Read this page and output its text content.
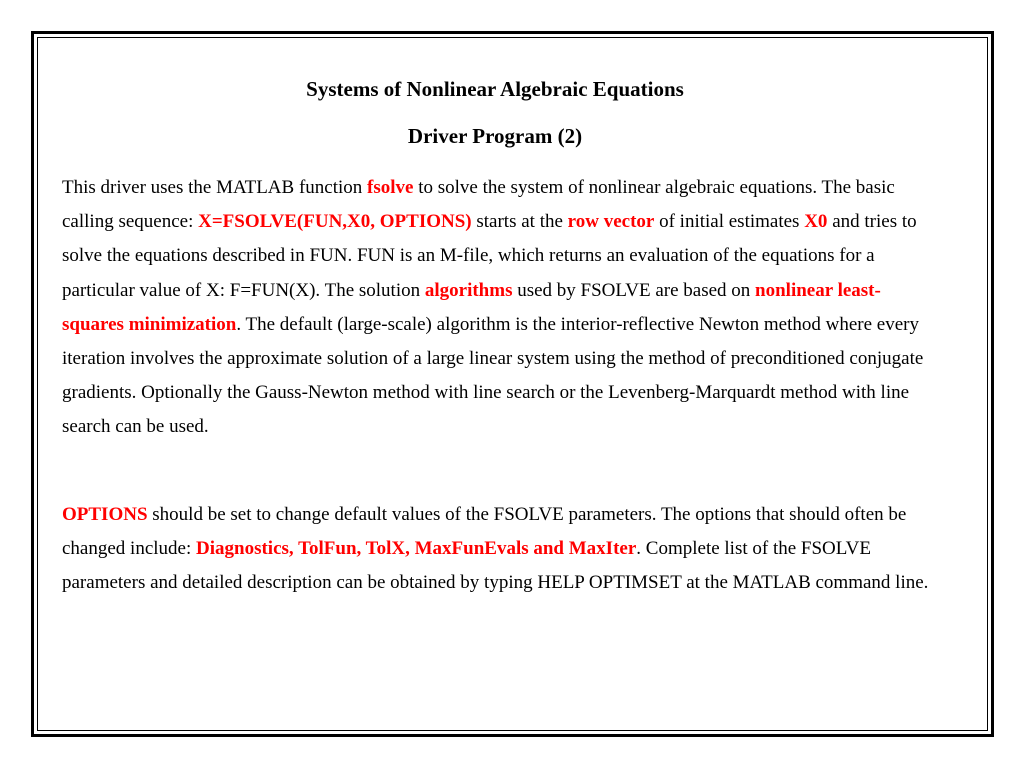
Systems of Nonlinear Algebraic Equations
Driver Program (2)

This driver uses the MATLAB function fsolve to solve the system of nonlinear algebraic equations. The basic calling sequence: X=FSOLVE(FUN,X0, OPTIONS) starts at the row vector of initial estimates X0 and tries to solve the equations described in FUN. FUN is an M-file, which returns an evaluation of the equations for a particular value of X: F=FUN(X). The solution algorithms used by FSOLVE are based on nonlinear least- squares minimization. The default (large-scale) algorithm is the interior-reflective Newton method where every iteration involves the approximate solution of a large linear system using the method of preconditioned conjugate gradients. Optionally the Gauss-Newton method with line search or the Levenberg-Marquardt method with line search can be used.

OPTIONS should be set to change default values of the FSOLVE parameters. The options that should often be changed include: Diagnostics, TolFun, TolX, MaxFunEvals and MaxIter. Complete list of the FSOLVE parameters and detailed description can be obtained by typing HELP OPTIMSET at the MATLAB command line.
